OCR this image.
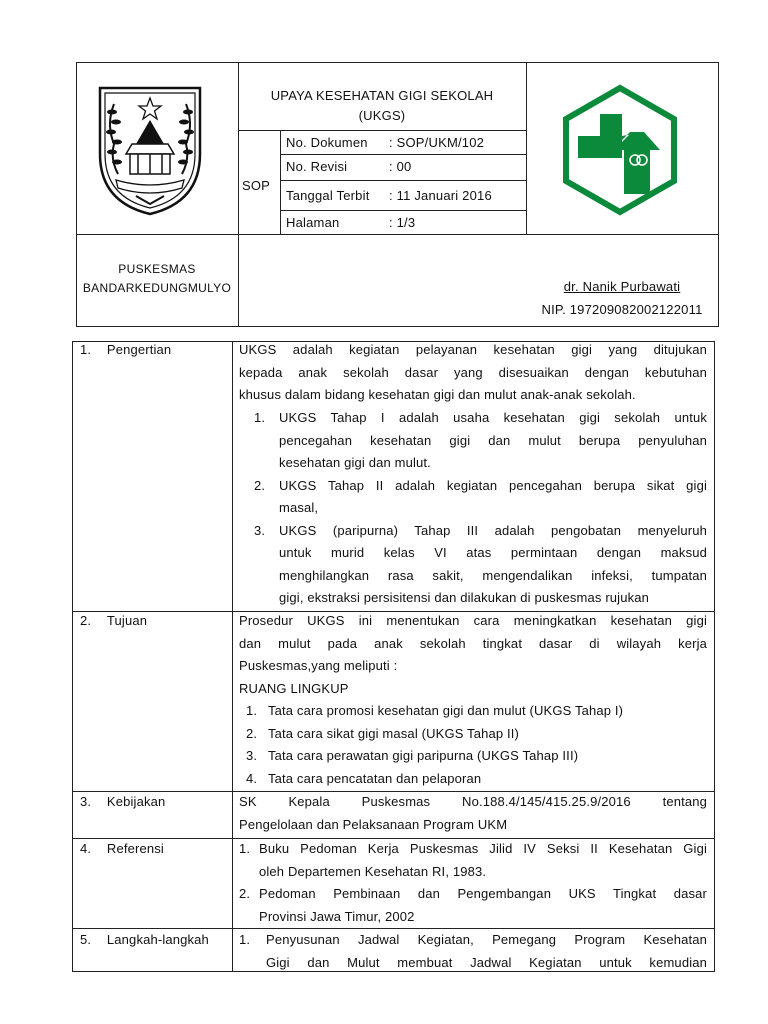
UPAYA KESEHATAN GIGI SEKOLAH
(UKGS)
SOP
No. Dokumen : SOP/UKM/102
No. Revisi	: 00
Tanggal Terbit : 11 Januari 2016
Halaman	: 1/3
PUSKESMAS
BANDARKEDUNGMULYO	dr. Nanik Purbawati
NIP. 197209082002122011
1. Pengertian	UKGS adalah kegiatan pelayanan kesehatan gigi yang ditujukan
kepada anak sekolah dasar yang disesuaikan dengan kebutuhan
khusus dalam bidang kesehatan gigi dan mulut anak-anak sekolah.
1. UKGS Tahap I adalah usaha kesehatan gigi sekolah untuk
pencegahan kesehatan gigi dan mulut berupa penyuluhan
kesehatan gigi dan mulut.
2. UKGS Tahap II adalah kegiatan pencegahan berupa sikat gigi
masal,
3. UKGS (paripurna) Tahap III adalah pengobatan menyeluruh
untuk murid kelas VI atas permintaan dengan maksud
menghilangkan rasa sakit, mengendalikan infeksi, tumpatan
gigi, ekstraksi persisitensi dan dilakukan di puskesmas rujukan
2. Tujuan	Prosedur UKGS ini menentukan cara meningkatkan kesehatan gigi
dan mulut pada anak sekolah tingkat dasar di wilayah kerja
Puskesmas,yang meliputi :
RUANG LINGKUP
1. Tata cara promosi kesehatan gigi dan mulut (UKGS Tahap I)
2. Tata cara sikat gigi masal (UKGS Tahap II)
3. Tata cara perawatan gigi paripurna (UKGS Tahap III)
4. Tata cara pencatatan dan pelaporan
3. Kebijakan	SK Kepala Puskesmas No.188.4/145/415.25.9/2016 tentang
Pengelolaan dan Pelaksanaan Program UKM
4. Referensi	1. Buku Pedoman Kerja Puskesmas Jilid IV Seksi II Kesehatan Gigi
oleh Departemen Kesehatan RI, 1983.
2. Pedoman Pembinaan dan Pengembangan UKS Tingkat dasar
Provinsi Jawa Timur, 2002
5. Langkah-langkah 1. Penyusunan Jadwal Kegiatan, Pemegang Program Kesehatan
Gigi dan Mulut membuat Jadwal Kegiatan untuk kemudian
